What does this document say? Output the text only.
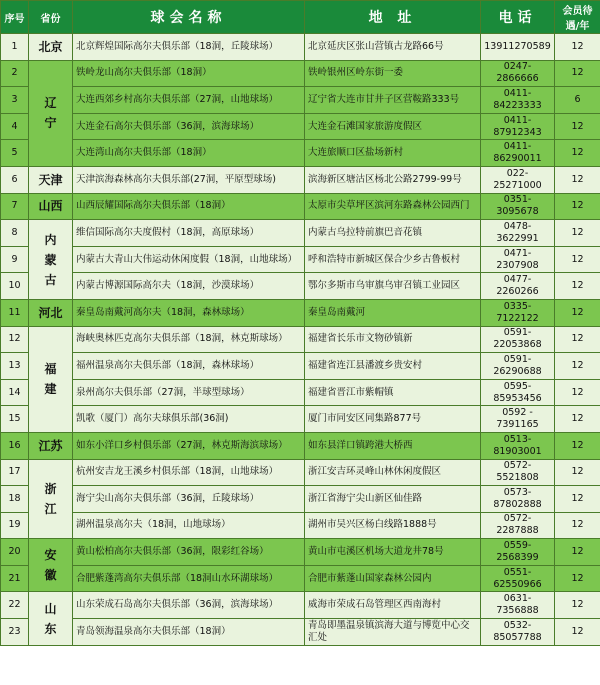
序号	省份	球会名称	地 址	电话	会员待遇/年
1	北京	北京辉煌国际高尔夫俱乐部（18洞，丘陵球场）	北京延庆区张山营镇古龙路66号	13911270589	12
2	辽宁	铁岭龙山高尔夫俱乐部（18洞）	铁岭银州区岭东街一委	0247-2866666	12
3		大连西郊乡村高尔夫俱乐部（27洞，山地球场）	辽宁省大连市甘井子区营鞍路333号	0411-84223333	6
4		大连金石高尔夫俱乐部（36洞，滨海球场）	大连金石滩国家旅游度假区	0411-87912343	12
5		大连湾山高尔夫俱乐部（18洞）	大连旅顺口区盐场新村	0411-86290011	12
6	天津	天津滨海森林高尔夫俱乐部(27洞，平原型球场)	滨海新区塘沽区杨北公路2799-99号	022-25271000	12
7	山西	山西辰耀国际高尔夫俱乐部（18洞）	太原市尖草坪区滨河东路森林公园西门	0351-3095678	12
8	内蒙古	维信国际高尔夫度假村（18洞，高原球场）	内蒙古乌拉特前旗巴音花镇	0478-3622991	12
9		内蒙古大青山大伟运动休闲度假（18洞，山地球场）	呼和浩特市新城区保合少乡古鲁板村	0471-2307908	12
10		内蒙古博源国际高尔夫（18洞，沙漠球场）	鄂尔多斯市乌审旗乌审召镇工业园区	0477-2260266	12
11	河北	秦皇岛南戴河高尔夫（18洞，森林球场）	秦皇岛南戴河	0335-7122122	12
12	福建	海峡奥林匹克高尔夫俱乐部（18洞，林克斯球场）	福建省长乐市文物砂镇新	0591-22053868	12
13		福州温泉高尔夫俱乐部（18洞，森林球场）	福建省连江县潘渡乡贵安村	0591-26290688	12
14		泉州高尔夫俱乐部（27洞，半球型球场）	福建省晋江市紫帽镇	0595-85953456	12
15		凯歌（厦门）高尔夫球俱乐部(36洞)	厦门市同安区同集路877号	0592 - 7391165	12
16	江苏	如东小洋口乡村俱乐部（27洞，林克斯海滨球场）	如东县洋口镇跨港大桥西	0513-81903001	12
17	浙江	杭州安吉龙王溪乡村俱乐部（18洞，山地球场）	浙江安吉环灵峰山林休闲度假区	0572-5521808	12
18		海宁尖山高尔夫俱乐部（36洞，丘陵球场）	浙江省海宁尖山新区仙佳路	0573-87802888	12
19		湖州温泉高尔夫（18洞，山地球场）	湖州市吴兴区杨白线路1888号	0572-2287888	12
20	安徽	黄山松柏高尔夫俱乐部（36洞，限彩红谷场）	黄山市屯溪区机场大道龙井78号	0559-2568399	12
21		合肥紫蓬湾高尔夫俱乐部（18洞山水环湖球场）	合肥市紫蓬山国家森林公园内	0551-62550966	12
22	山东	山东荣成石岛高尔夫俱乐部（36洞，滨海球场）	威海市荣成石岛管理区西南海村	0631-7356888	12
23		青岛领海温泉高尔夫俱乐部（18洞）	青岛即墨温泉镇滨海大道与博览中心交汇处	0532-85057788	12
